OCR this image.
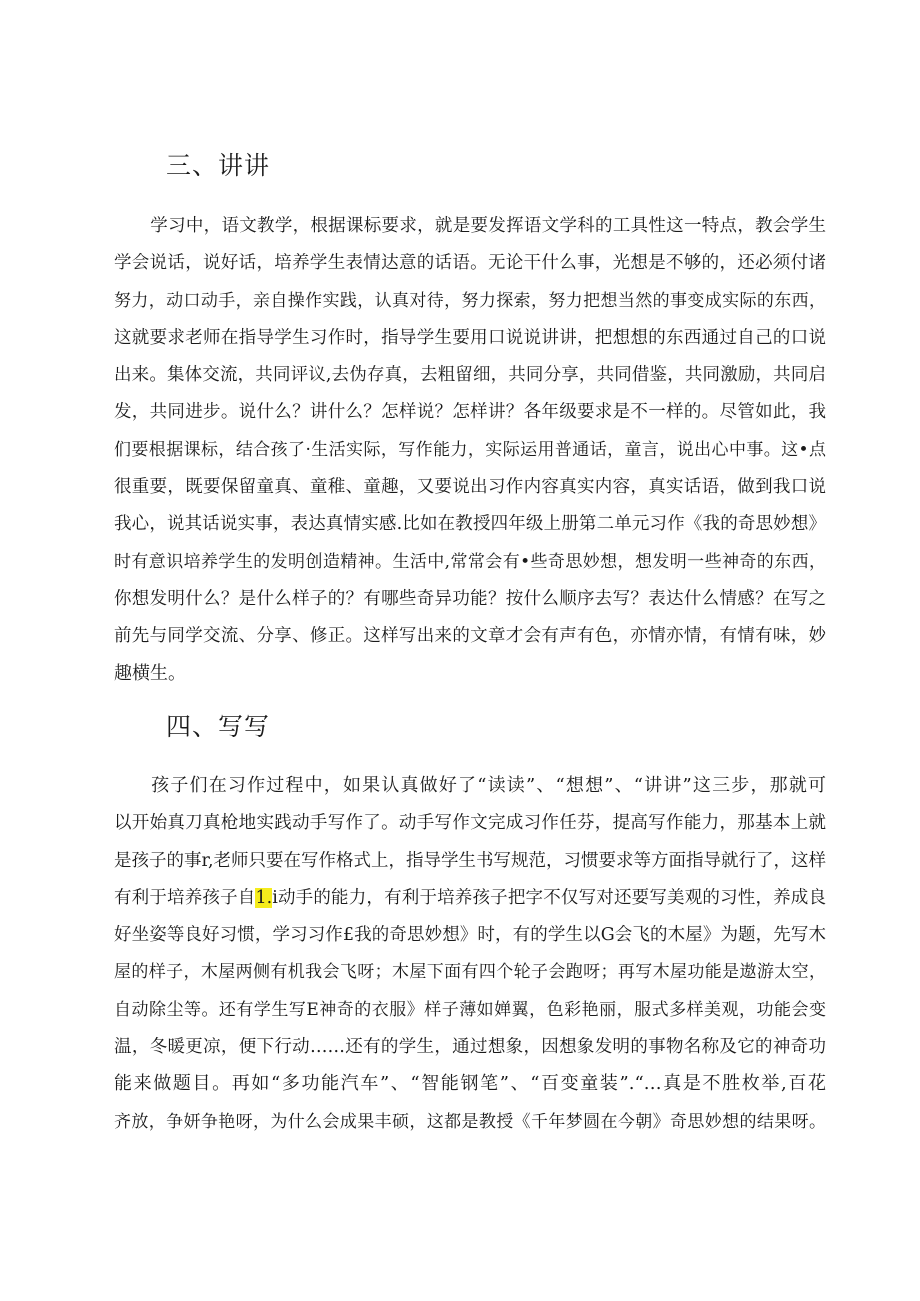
三、讲讲
学习中，语文教学，根据课标要求，就是要发挥语文学科的工具性这一特点，教会学生
学会说话，说好话，培养学生表情达意的话语。无论干什么事，光想是不够的，还必须付诸
努力，动口动手，亲自操作实践，认真对待，努力探索，努力把想当然的事变成实际的东西，
这就要求老师在指导学生习作时，指导学生要用口说说讲讲，把想想的东西通过自己的口说
出来。集体交流，共同评议,去伪存真，去粗留细，共同分享，共同借鉴，共同激励，共同启
发，共同进步。说什么？讲什么？怎样说？怎样讲？各年级要求是不一样的。尽管如此，我
们要根据课标，结合孩了·生活实际，写作能力，实际运用普通话，童言，说出心中事。这•点
很重要，既要保留童真、童稚、童趣，又要说出习作内容真实内容，真实话语，做到我口说
我心，说其话说实事，表达真情实感.比如在教授四年级上册第二单元习作《我的奇思妙想》
时有意识培养学生的发明创造精神。生活中,常常会有•些奇思妙想，想发明一些神奇的东西，
你想发明什么？是什么样子的？有哪些奇异功能？按什么顺序去写？表达什么情感？在写之
前先与同学交流、分享、修正。这样写出来的文章才会有声有色，亦情亦情，有情有味，妙
趣横生。
四、写写
孩子们在习作过程中，如果认真做好了“读读”、“想想”、“讲讲”这三步，那就可
以开始真刀真枪地实践动手写作了。动手写作文完成习作任芬，提高写作能力，那基本上就
是孩子的事r,老师只要在写作格式上，指导学生书写规范，习惯要求等方面指导就行了，这样
有利于培养孩子自1.i动手的能力，有利于培养孩子把字不仅写对还要写美观的习性，养成良
好坐姿等良好习惯，学习习作£我的奇思妙想》时，有的学生以G会飞的木屋》为题，先写木
屋的样子，木屋两侧有机我会飞呀；木屋下面有四个轮子会跑呀；再写木屋功能是遨游太空，
自动除尘等。还有学生写E神奇的衣服》样子薄如婵翼，色彩艳丽，服式多样美观，功能会变
温，冬暖更凉，便下行动……还有的学生，通过想象，因想象发明的事物名称及它的神奇功
能来做题目。再如“多功能汽车”、“智能钢笔”、“百变童装”.“…真是不胜枚举,百花
齐放，争妍争艳呀，为什么会成果丰硕，这都是教授《千年梦圆在今朝》奇思妙想的结果呀。
